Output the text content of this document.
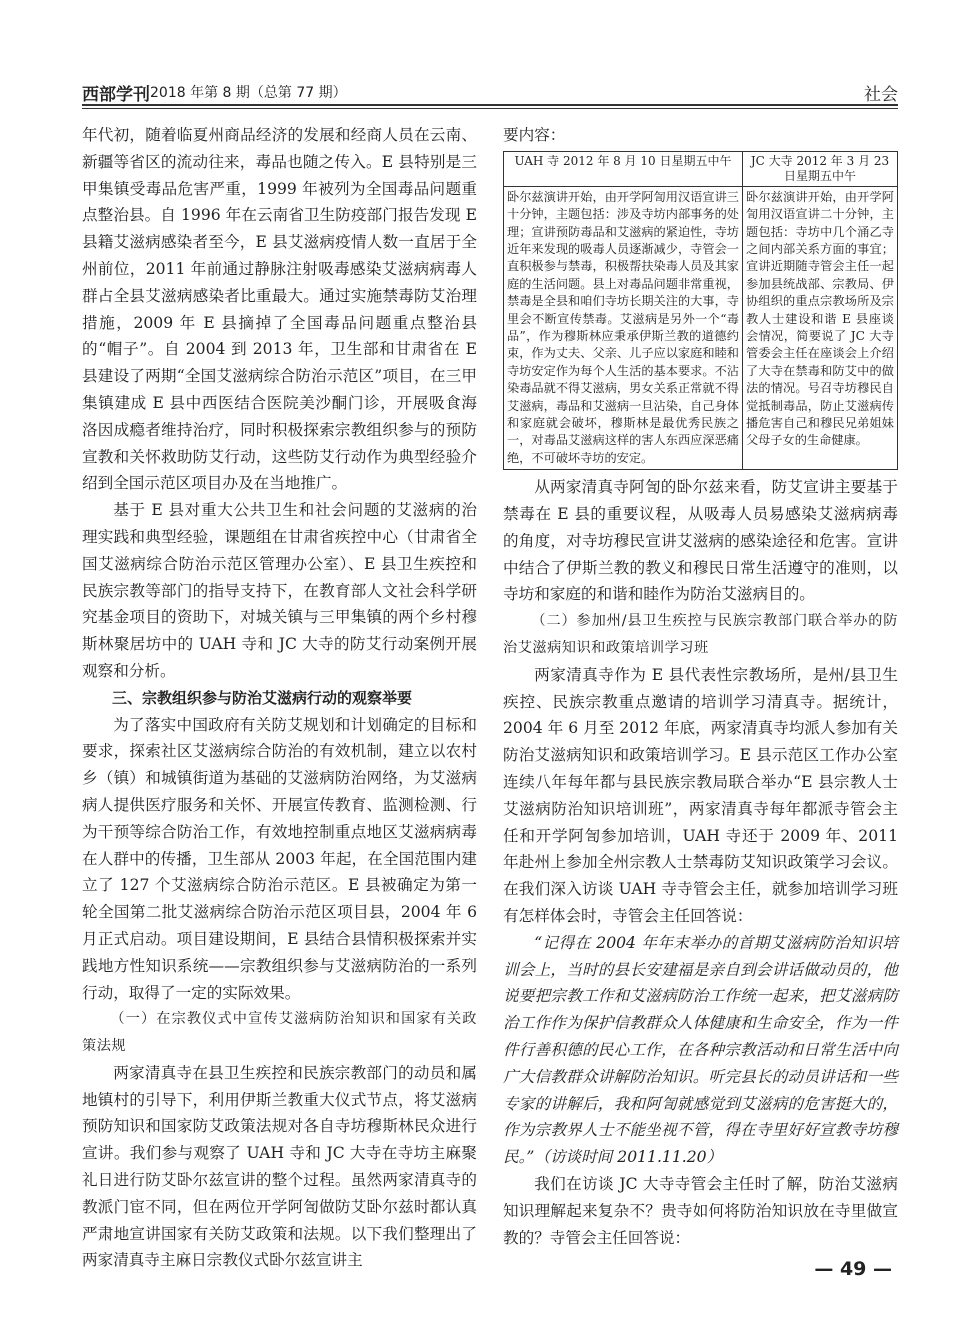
西部学刊 2018 年第 8 期（总第 77 期）	社会

年代初，随着临夏州商品经济的发展和经商人员在云南、新疆等省区的流动往来，毒品也随之传入。E 县特别是三甲集镇受毒品危害严重，1999 年被列为全国毒品问题重点整治县。自 1996 年在云南省卫生防疫部门报告发现 E 县籍艾滋病感染者至今，E 县艾滋病疫情人数一直居于全州前位，2011 年前通过静脉注射吸毒感染艾滋病病毒人群占全县艾滋病感染者比重最大。通过实施禁毒防艾治理措施，2009 年 E 县摘掉了全国毒品问题重点整治县的“帽子”。自 2004 到 2013 年，卫生部和甘肃省在 E 县建设了两期“全国艾滋病综合防治示范区”项目，在三甲集镇建成 E 县中西医结合医院美沙酮门诊，开展吸食海洛因成瘾者维持治疗，同时积极探索宗教组织参与的预防宣教和关怀救助防艾行动，这些防艾行动作为典型经验介绍到全国示范区项目办及在当地推广。

基于 E 县对重大公共卫生和社会问题的艾滋病的治理实践和典型经验，课题组在甘肃省疾控中心（甘肃省全国艾滋病综合防治示范区管理办公室）、E 县卫生疾控和民族宗教等部门的指导支持下，在教育部人文社会科学研究基金项目的资助下，对城关镇与三甲集镇的两个乡村穆斯林聚居坊中的 UAH 寺和 JC 大寺的防艾行动案例开展观察和分析。

三、宗教组织参与防治艾滋病行动的观察举要

为了落实中国政府有关防艾规划和计划确定的目标和要求，探索社区艾滋病综合防治的有效机制，建立以农村乡（镇）和城镇街道为基础的艾滋病防治网络，为艾滋病病人提供医疗服务和关怀、开展宣传教育、监测检测、行为干预等综合防治工作，有效地控制重点地区艾滋病病毒在人群中的传播，卫生部从 2003 年起，在全国范围内建立了 127 个艾滋病综合防治示范区。E 县被确定为第一轮全国第二批艾滋病综合防治示范区项目县，2004 年 6 月正式启动。项目建设期间，E 县结合县情积极探索并实践地方性知识系统——宗教组织参与艾滋病防治的一系列行动，取得了一定的实际效果。

（一）在宗教仪式中宣传艾滋病防治知识和国家有关政策法规

两家清真寺在县卫生疾控和民族宗教部门的动员和属地镇村的引导下，利用伊斯兰教重大仪式节点，将艾滋病预防知识和国家防艾政策法规对各自寺坊穆斯林民众进行宣讲。我们参与观察了 UAH 寺和 JC 大寺在寺坊主麻聚礼日进行防艾卧尔兹宣讲的整个过程。虽然两家清真寺的教派门宦不同，但在两位开学阿訇做防艾卧尔兹时都认真严肃地宣讲国家有关防艾政策和法规。以下我们整理出了两家清真寺主麻日宗教仪式卧尔兹宣讲主

要内容：

UAH 寺 2012 年 8 月 10 日星期五中午	JC 大寺 2012 年 3 月 23 日星期五中午
卧尔兹演讲开始，由开学阿訇用汉语宣讲三十分钟，主题包括：涉及寺坊内部事务的处理；宣讲预防毒品和艾滋病的紧迫性，寺坊近年来发现的吸毒人员逐渐减少，寺管会一直积极参与禁毒，积极帮扶染毒人员及其家庭的生活问题。县上对毒品问题非常重视，禁毒是全县和咱们寺坊长期关注的大事，寺里会不断宣传禁毒。艾滋病是另外一个“毒品”，作为穆斯林应秉承伊斯兰教的道德约束，作为丈夫、父亲、儿子应以家庭和睦和寺坊安定作为每个人生活的基本要求。不沾染毒品就不得艾滋病，男女关系正常就不得艾滋病，毒品和艾滋病一旦沾染，自己身体和家庭就会破坏，穆斯林是最优秀民族之一，对毒品艾滋病这样的害人东西应深恶痛绝，不可破坏寺坊的安定。	卧尔兹演讲开始，由开学阿訇用汉语宣讲二十分钟，主题包括：寺坊中几个涌乙寺之间内部关系方面的事宜；宣讲近期随寺管会主任一起参加县统战部、宗教局、伊协组织的重点宗教场所及宗教人士建设和谐 E 县座谈会情况，简要说了 JC 大寺管委会主任在座谈会上介绍了大寺在禁毒和防艾中的做法的情况。号召寺坊穆民自觉抵制毒品，防止艾滋病传播危害自己和穆民兄弟姐妹父母子女的生命健康。

从两家清真寺阿訇的卧尔兹来看，防艾宣讲主要基于禁毒在 E 县的重要议程，从吸毒人员易感染艾滋病病毒的角度，对寺坊穆民宣讲艾滋病的感染途径和危害。宣讲中结合了伊斯兰教的教义和穆民日常生活遵守的准则，以寺坊和家庭的和谐和睦作为防治艾滋病目的。

（二）参加州/县卫生疾控与民族宗教部门联合举办的防治艾滋病知识和政策培训学习班

两家清真寺作为 E 县代表性宗教场所，是州/县卫生疾控、民族宗教重点邀请的培训学习清真寺。据统计，2004 年 6 月至 2012 年底，两家清真寺均派人参加有关防治艾滋病知识和政策培训学习。E 县示范区工作办公室连续八年每年都与县民族宗教局联合举办“E 县宗教人士艾滋病防治知识培训班”，两家清真寺每年都派寺管会主任和开学阿訇参加培训，UAH 寺还于 2009 年、2011 年赴州上参加全州宗教人士禁毒防艾知识政策学习会议。在我们深入访谈 UAH 寺寺管会主任，就参加培训学习班有怎样体会时，寺管会主任回答说：

“记得在 2004 年年末举办的首期艾滋病防治知识培训会上，当时的县长安建福是亲自到会讲话做动员的，他说要把宗教工作和艾滋病防治工作统一起来，把艾滋病防治工作作为保护信教群众人体健康和生命安全，作为一件件行善积德的民心工作，在各种宗教活动和日常生活中向广大信教群众讲解防治知识。听完县长的动员讲话和一些专家的讲解后，我和阿訇就感觉到艾滋病的危害挺大的，作为宗教界人士不能坐视不管，得在寺里好好宣教寺坊穆民。”（访谈时间 2011.11.20）

我们在访谈 JC 大寺寺管会主任时了解，防治艾滋病知识理解起来复杂不？贵寺如何将防治知识放在寺里做宣教的？寺管会主任回答说：

— 49 —
